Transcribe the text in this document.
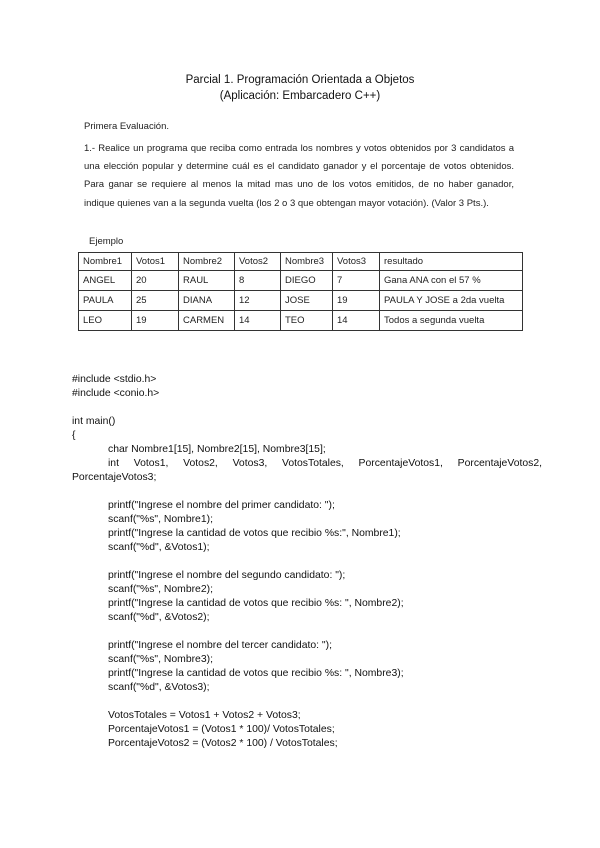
Parcial 1. Programación Orientada a Objetos
(Aplicación: Embarcadero C++)
Primera Evaluación.
1.- Realice un programa que reciba como entrada los nombres y votos obtenidos por 3 candidatos a una elección popular y determine cuál es el candidato ganador y el porcentaje de votos obtenidos. Para ganar se requiere al menos la mitad mas uno de los votos emitidos, de no haber ganador, indique quienes van a la segunda vuelta (los 2 o 3 que obtengan mayor votación). (Valor 3 Pts.).
Ejemplo
Nombre1	Votos1	Nombre2	Votos2	Nombre3	Votos3	resultado
ANGEL	20	RAUL	8	DIEGO	7	Gana ANA con el 57 %
PAULA	25	DIANA	12	JOSE	19	PAULA Y JOSE a 2da vuelta
LEO	19	CARMEN	14	TEO	14	Todos a segunda vuelta
#include <stdio.h>
#include <conio.h>
int main()
{
char Nombre1[15], Nombre2[15], Nombre3[15];
int Votos1, Votos2, Votos3, VotosTotales, PorcentajeVotos1, PorcentajeVotos2, PorcentajeVotos3;
printf("Ingrese el nombre del primer candidato: ");
scanf("%s", Nombre1);
printf("Ingrese la cantidad de votos que recibio %s:", Nombre1);
scanf("%d", &Votos1);
printf("Ingrese el nombre del segundo candidato: ");
scanf("%s", Nombre2);
printf("Ingrese la cantidad de votos que recibio %s: ", Nombre2);
scanf("%d", &Votos2);
printf("Ingrese el nombre del tercer candidato: ");
scanf("%s", Nombre3);
printf("Ingrese la cantidad de votos que recibio %s: ", Nombre3);
scanf("%d", &Votos3);
VotosTotales = Votos1 + Votos2 + Votos3;
PorcentajeVotos1 = (Votos1 * 100)/ VotosTotales;
PorcentajeVotos2 = (Votos2 * 100) / VotosTotales;
